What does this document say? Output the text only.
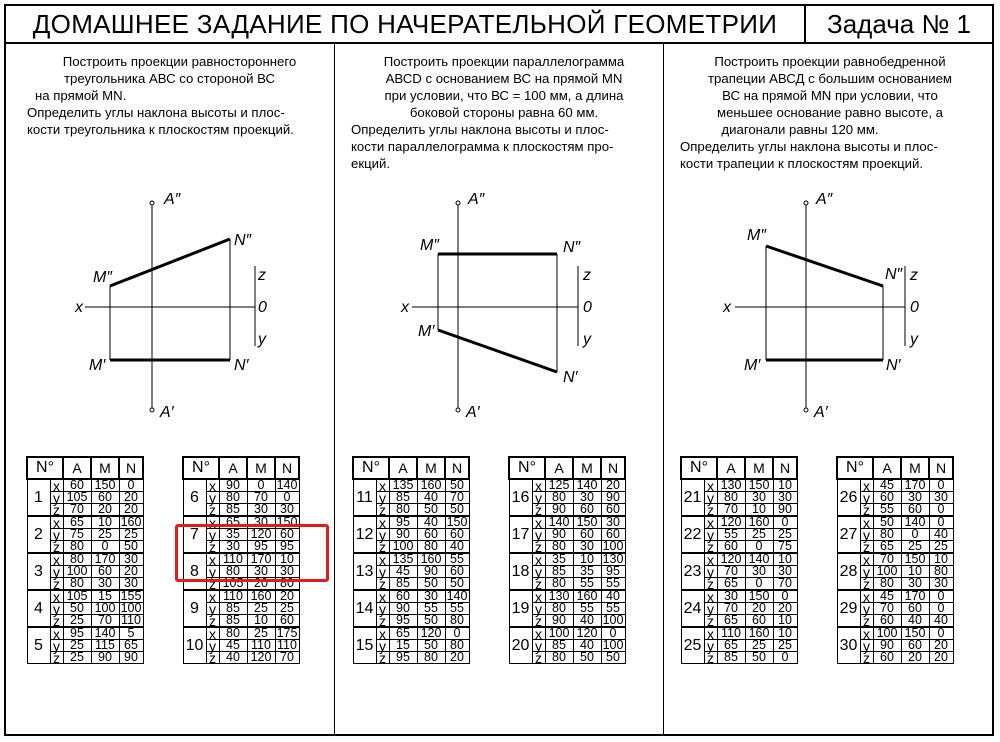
ДОМАШНЕЕ ЗАДАНИЕ ПО НАЧЕРАТЕЛЬНОЙ ГЕОМЕТРИИ	Задача № 1
Построить проекции равностороннего
треугольника АВС со стороной ВС
на прямой MN.
Определить углы наклона высоты и плос-
кости треугольника к плоскостям проекций.
Построить проекции параллелограмма
АВСD с основанием ВС на прямой MN
при условии, что ВС = 100 мм, а длина
боковой стороны равна 60 мм.
Определить углы наклона высоты и плос-
кости параллелограмма к плоскостям про-
екций.
Построить проекции равнобедренной
трапеции АВСД с большим основанием
ВС на прямой MN при условии, что
меньшее основание равно высоте, а
диагонали равны 120 мм.
Определить углы наклона высоты и плос-
кости трапеции к плоскостям проекций.
A″
A′
M″
M′
N″
N′
x
z
0
y
A″
A′
M″
M′
N″
N′
x
z
0
y
A″
A′
M″
M′
N″
N′
x
z
0
y
N°		A	M	N
1	x	60	150	0
	y	105	60	20
	z	70	20	20
2	x	65	10	160
	y	75	25	25
	z	80	0	50
3	x	80	170	30
	y	100	60	20
	z	80	30	30
4	x	105	15	155
	y	50	100	100
	z	25	70	110
5	x	95	140	5
	y	25	115	65
	z	25	90	90
N°		A	M	N
6	x	90	0	140
	y	80	70	0
	z	85	30	30
7	x	65	30	150
	y	35	120	60
	z	30	95	95
8	x	110	170	10
	y	80	30	30
	z	105	20	80
9	x	110	160	20
	y	85	25	25
	z	85	10	60
10	x	80	25	175
	y	45	110	110
	z	40	120	70
N°		A	M	N
11	x	135	160	50
	y	85	40	70
	z	80	50	50
12	x	95	40	150
	y	90	60	60
	z	100	80	40
13	x	135	160	55
	y	45	90	60
	z	85	50	50
14	x	60	30	140
	y	90	55	55
	z	95	50	80
15	x	65	120	0
	y	15	50	80
	z	95	80	20
N°		A	M	N
16	x	125	140	20
	y	80	30	90
	z	90	60	60
17	x	140	150	30
	y	90	60	60
	z	80	30	100
18	x	35	10	130
	y	85	35	95
	z	80	55	55
19	x	130	160	40
	y	80	55	55
	z	90	40	100
20	x	100	120	0
	y	85	40	100
	z	80	50	50
N°		A	M	N
21	x	130	150	10
	y	80	30	30
	z	70	10	90
22	x	120	160	0
	y	55	25	25
	z	60	0	75
23	x	120	140	10
	y	70	30	30
	z	65	0	70
24	x	30	150	0
	y	70	20	20
	z	65	60	10
25	x	110	160	10
	y	65	25	25
	z	85	50	0
N°		A	M	N
26	x	45	170	0
	y	60	30	30
	z	55	60	0
27	x	50	140	0
	y	80	0	40
	z	65	25	25
28	x	70	150	10
	y	100	10	80
	z	80	30	30
29	x	45	170	0
	y	70	60	0
	z	60	40	40
30	x	100	150	0
	y	90	60	20
	z	60	20	20
